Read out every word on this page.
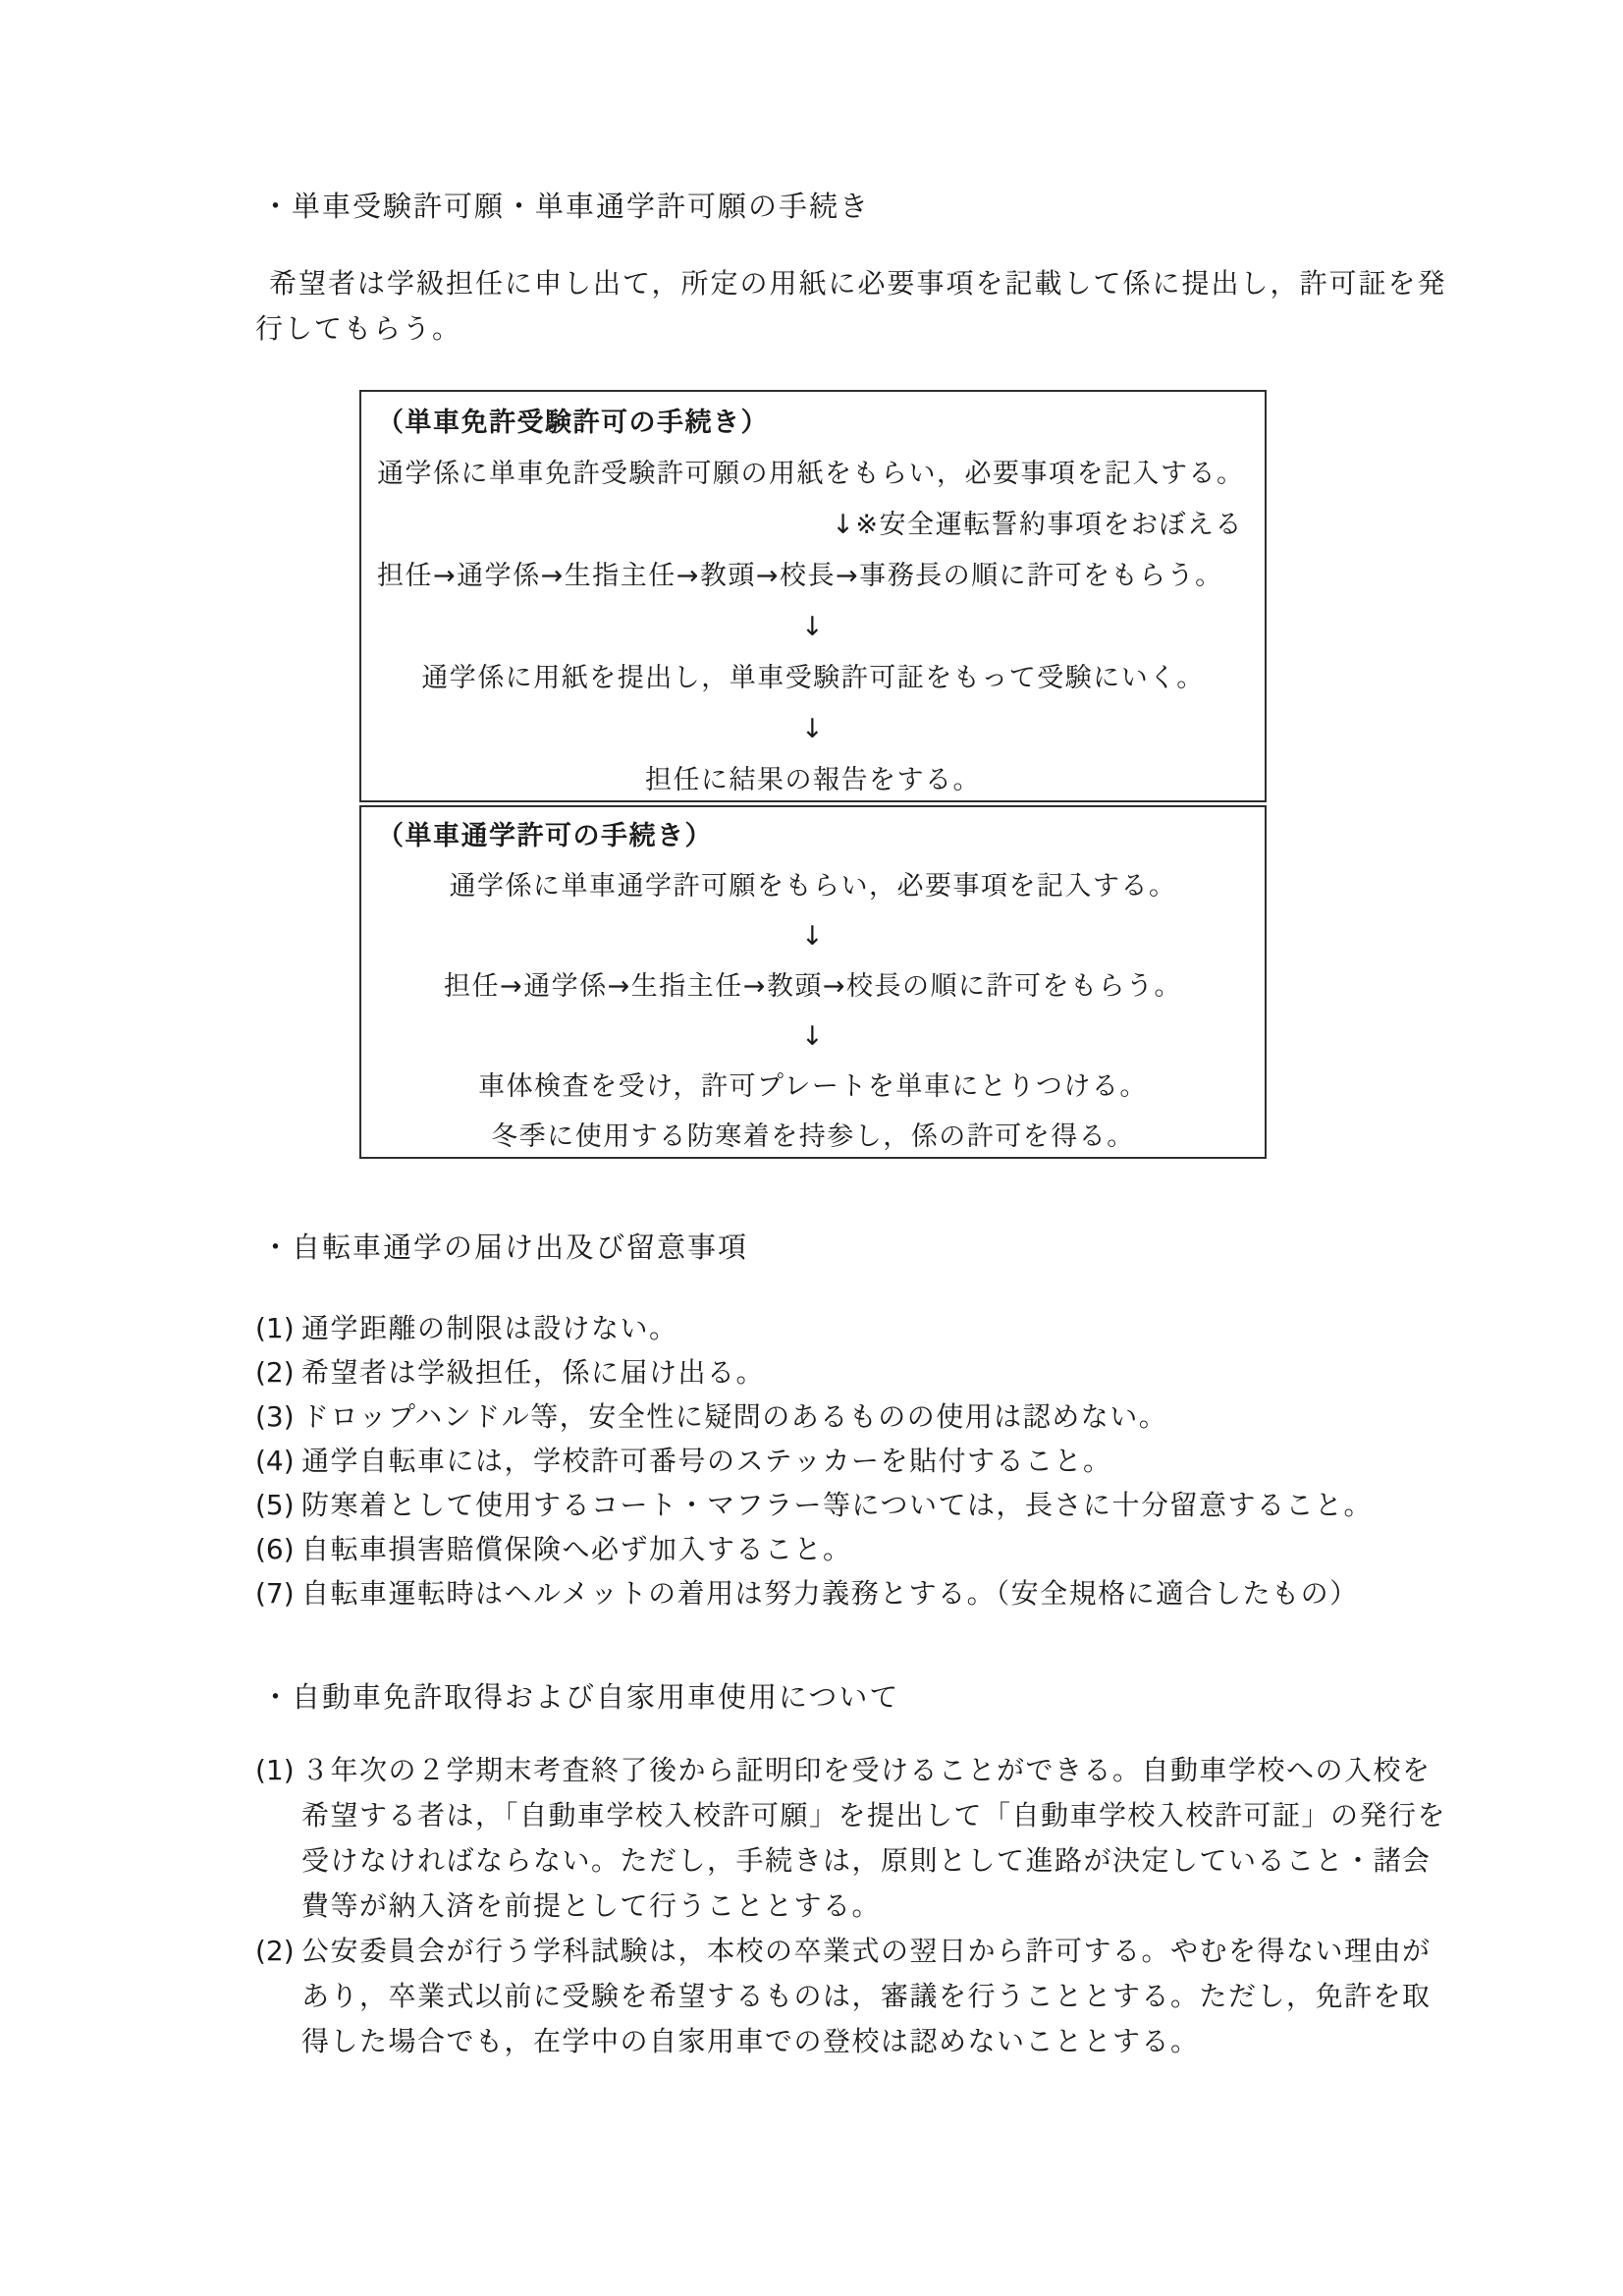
・単車受験許可願・単車通学許可願の手続き
希望者は学級担任に申し出て，所定の用紙に必要事項を記載して係に提出し，許可証を発
行してもらう。
（単車免許受験許可の手続き）
通学係に単車免許受験許可願の用紙をもらい，必要事項を記入する。
↓※安全運転誓約事項をおぼえる
担任→通学係→生指主任→教頭→校長→事務長の順に許可をもらう。
↓
通学係に用紙を提出し，単車受験許可証をもって受験にいく。
↓
担任に結果の報告をする。
（単車通学許可の手続き）
通学係に単車通学許可願をもらい，必要事項を記入する。
↓
担任→通学係→生指主任→教頭→校長の順に許可をもらう。
↓
車体検査を受け，許可プレートを単車にとりつける。
冬季に使用する防寒着を持参し，係の許可を得る。
・自転車通学の届け出及び留意事項
(1) 通学距離の制限は設けない。
(2) 希望者は学級担任，係に届け出る。
(3) ドロップハンドル等，安全性に疑問のあるものの使用は認めない。
(4) 通学自転車には，学校許可番号のステッカーを貼付すること。
(5) 防寒着として使用するコート・マフラー等については，長さに十分留意すること。
(6) 自転車損害賠償保険へ必ず加入すること。
(7) 自転車運転時はヘルメットの着用は努力義務とする。（安全規格に適合したもの）
・自動車免許取得および自家用車使用について
(1) ３年次の２学期末考査終了後から証明印を受けることができる。自動車学校への入校を
希望する者は，「自動車学校入校許可願」を提出して「自動車学校入校許可証」の発行を
受けなければならない。ただし，手続きは，原則として進路が決定していること・諸会
費等が納入済を前提として行うこととする。
(2) 公安委員会が行う学科試験は，本校の卒業式の翌日から許可する。やむを得ない理由が
あり，卒業式以前に受験を希望するものは，審議を行うこととする。ただし，免許を取
得した場合でも，在学中の自家用車での登校は認めないこととする。
